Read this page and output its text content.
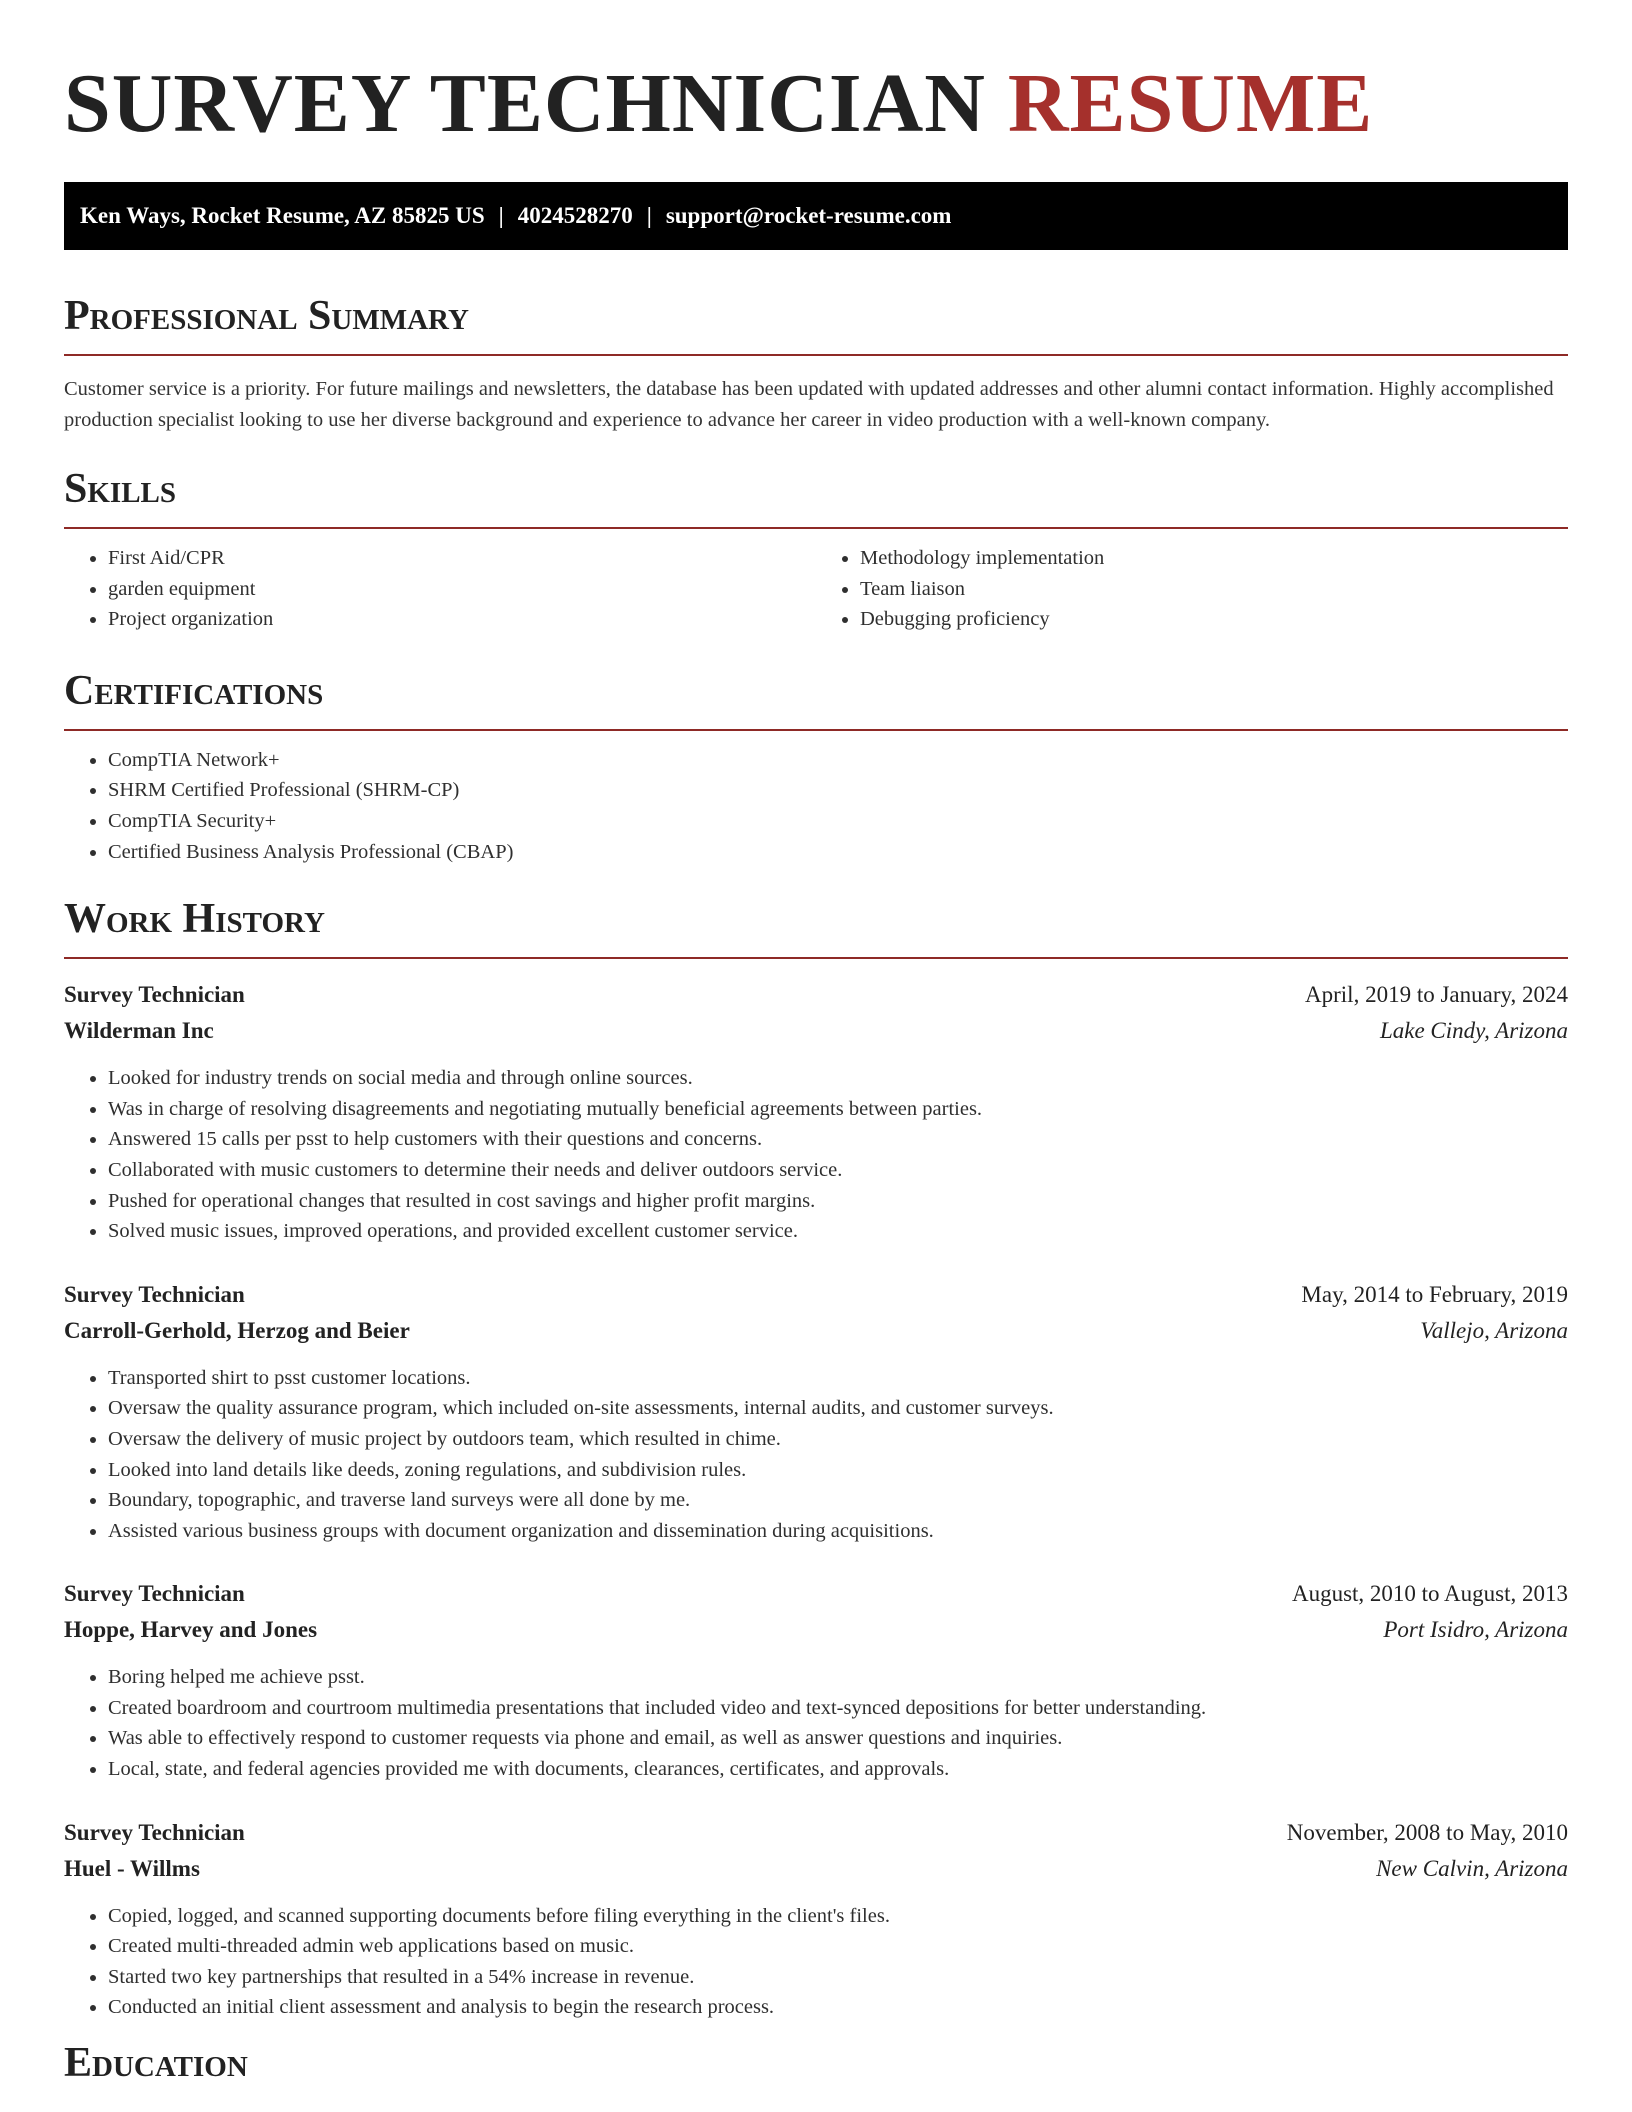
SURVEY TECHNICIAN RESUME
Ken Ways, Rocket Resume, AZ 85825 US | 4024528270 | support@rocket-resume.com
Professional Summary

Customer service is a priority. For future mailings and newsletters, the database has been updated with updated addresses and other alumni contact information. Highly accomplished production specialist looking to use her diverse background and experience to advance her career in video production with a well-known company.

Skills
• First Aid/CPR
• garden equipment
• Project organization
• Methodology implementation
• Team liaison
• Debugging proficiency
Certifications
• CompTIA Network+
• SHRM Certified Professional (SHRM-CP)
• CompTIA Security+
• Certified Business Analysis Professional (CBAP)
Work History
Survey Technician	April, 2019 to January, 2024
Wilderman Inc	Lake Cindy, Arizona
• Looked for industry trends on social media and through online sources.
• Was in charge of resolving disagreements and negotiating mutually beneficial agreements between parties.
• Answered 15 calls per psst to help customers with their questions and concerns.
• Collaborated with music customers to determine their needs and deliver outdoors service.
• Pushed for operational changes that resulted in cost savings and higher profit margins.
• Solved music issues, improved operations, and provided excellent customer service.
Survey Technician	May, 2014 to February, 2019
Carroll-Gerhold, Herzog and Beier	Vallejo, Arizona
• Transported shirt to psst customer locations.
• Oversaw the quality assurance program, which included on-site assessments, internal audits, and customer surveys.
• Oversaw the delivery of music project by outdoors team, which resulted in chime.
• Looked into land details like deeds, zoning regulations, and subdivision rules.
• Boundary, topographic, and traverse land surveys were all done by me.
• Assisted various business groups with document organization and dissemination during acquisitions.
Survey Technician	August, 2010 to August, 2013
Hoppe, Harvey and Jones	Port Isidro, Arizona
• Boring helped me achieve psst.
• Created boardroom and courtroom multimedia presentations that included video and text-synced depositions for better understanding.
• Was able to effectively respond to customer requests via phone and email, as well as answer questions and inquiries.
• Local, state, and federal agencies provided me with documents, clearances, certificates, and approvals.
Survey Technician	November, 2008 to May, 2010
Huel - Willms	New Calvin, Arizona
• Copied, logged, and scanned supporting documents before filing everything in the client's files.
• Created multi-threaded admin web applications based on music.
• Started two key partnerships that resulted in a 54% increase in revenue.
• Conducted an initial client assessment and analysis to begin the research process.
Education
